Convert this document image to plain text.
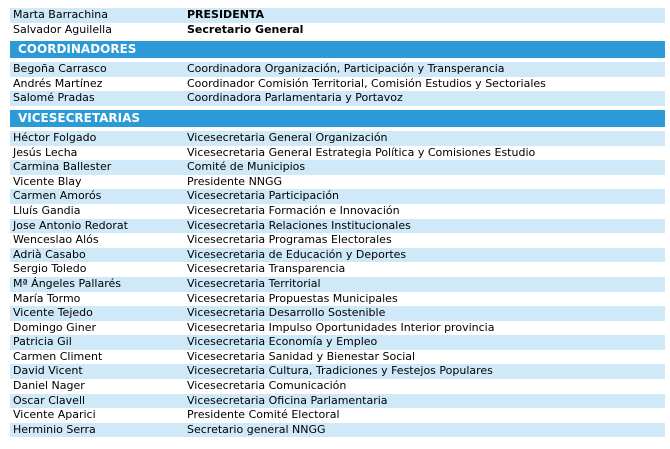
Marta Barrachina	PRESIDENTA
Salvador Aguilella	Secretario General
COORDINADORES
Begoña Carrasco	Coordinadora Organización, Participación y Transperancia
Andrés Martínez	Coordinador Comisión Territorial, Comisión Estudios y Sectoriales
Salomé Pradas	Coordinadora Parlamentaria y Portavoz
VICESECRETARIAS
Héctor Folgado	Vicesecretaria General Organización
Jesús Lecha	Vicesecretaria General Estrategia Política y Comisiones Estudio
Carmina Ballester	Comité de Municipios
Vicente Blay	Presidente NNGG
Carmen Amorós	Vicesecretaria Participación
Lluís Gandia	Vicesecretaria Formación e Innovación
Jose Antonio Redorat	Vicesecretaria Relaciones Institucionales
Wenceslao Alós	Vicesecretaria Programas Electorales
Adrià Casabo	Vicesecretaria de Educación y Deportes
Sergio Toledo	Vicesecretaria Transparencia
Mª Ángeles Pallarés	Vicesecretaria Territorial
María Tormo	Vicesecretaria Propuestas Municipales
Vicente Tejedo	Vicesecretaria Desarrollo Sostenible
Domingo Giner	Vicesecretaria Impulso Oportunidades Interior provincia
Patricia Gil	Vicesecretaria Economía y Empleo
Carmen Climent	Vicesecretaria Sanidad y Bienestar Social
David Vicent	Vicesecretaria Cultura, Tradiciones y Festejos Populares
Daniel Nager	Vicesecretaria Comunicación
Oscar Clavell	Vicesecretaria Oficina Parlamentaria
Vicente Aparici	Presidente Comité Electoral
Herminio Serra	Secretario general NNGG
